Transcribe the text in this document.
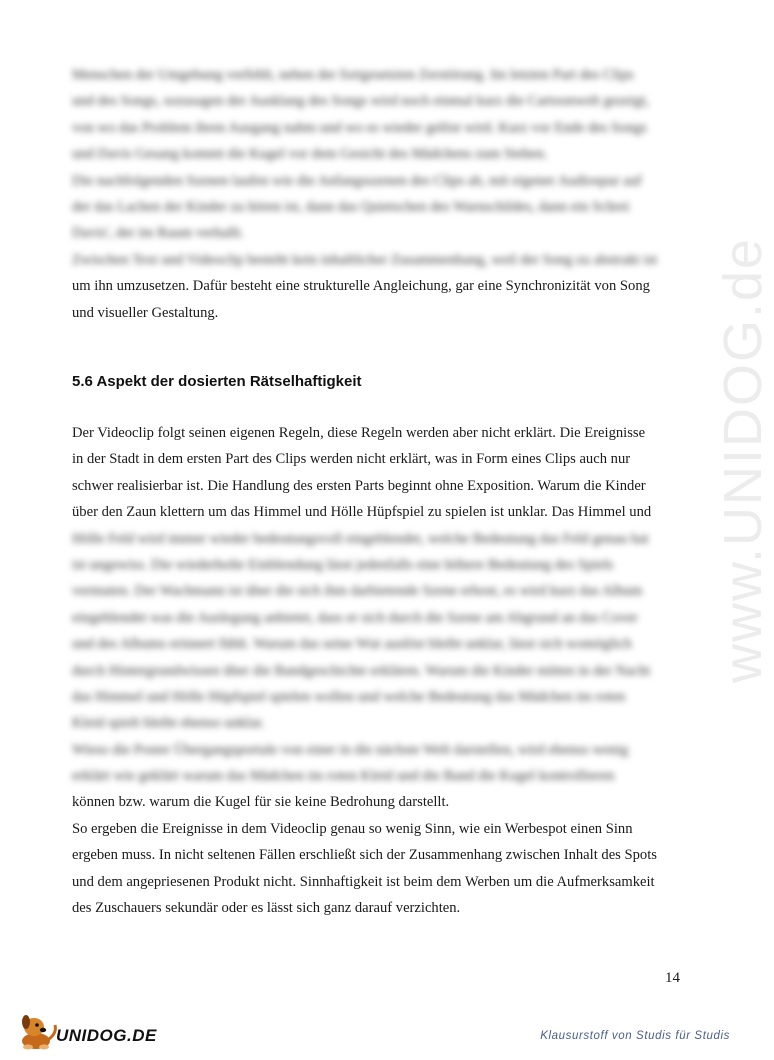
www.UNIDOG.de
Menschen der Umgebung verfehlt, neben der fortgesetzten Zerstörung. Im letzten Part des Clips
und des Songs, sozusagen der Ausklang des Songs wird noch einmal kurz die Cartoonwelt gezeigt,
von wo das Problem ihren Ausgang nahm und wo es wieder gelöst wird. Kurz vor Ende des Songs
und Davis Gesang kommt die Kugel vor dem Gesicht des Mädchens zum Stehen.
Die nachfolgenden Szenen laufen wie die Anfangsszenen des Clips ab, mit eigener Audiospur auf
der das Lachen der Kinder zu hören ist, dann das Quietschen des Warnschildes, dann ein Schrei
Davis', der im Raum verhallt.
Zwischen Text und Videoclip besteht kein inhaltlicher Zusammenhang, weil der Song zu abstrakt ist
um ihn umzusetzen. Dafür besteht eine strukturelle Angleichung, gar eine Synchronizität von Song
und visueller Gestaltung.
5.6 Aspekt der dosierten Rätselhaftigkeit
Der Videoclip folgt seinen eigenen Regeln, diese Regeln werden aber nicht erklärt. Die Ereignisse
in der Stadt in dem ersten Part des Clips werden nicht erklärt, was in Form eines Clips auch nur
schwer realisierbar ist. Die Handlung des ersten Parts beginnt ohne Exposition. Warum die Kinder
über den Zaun klettern um das Himmel und Hölle Hüpfspiel zu spielen ist unklar. Das Himmel und
Hölle Feld wird immer wieder bedeutungsvoll eingeblendet, welche Bedeutung das Feld genau hat
ist ungewiss. Die wiederholte Einblendung lässt jedenfalls eine höhere Bedeutung des Spiels
vermuten. Der Wachmann ist über die sich ihm darbietende Szene erbost, es wird kurz das Album
eingeblendet was die Auslegung anbietet, dass er sich durch die Szene am Abgrund an das Cover
und des Albums erinnert fühlt. Warum das seine Wut auslöst bleibt unklar, lässt sich womöglich
durch Hintergrundwissen über die Bandgeschichte erklären. Warum die Kinder mitten in der Nacht
das Himmel und Hölle Hüpfspiel spielen wollen und welche Bedeutung das Mädchen im roten
Kleid spielt bleibt ebenso unklar.
Wieso die Poster Übergangsportale von einer in die nächste Welt darstellen, wird ebenso wenig
erklärt wie geklärt warum das Mädchen im roten Kleid und die Band die Kugel kontrollieren
können bzw. warum die Kugel für sie keine Bedrohung darstellt.
So ergeben die Ereignisse in dem Videoclip genau so wenig Sinn, wie ein Werbespot einen Sinn
ergeben muss. In nicht seltenen Fällen erschließt sich der Zusammenhang zwischen Inhalt des Spots
und dem angepriesenen Produkt nicht. Sinnhaftigkeit ist beim dem Werben um die Aufmerksamkeit
des Zuschauers sekundär oder es lässt sich ganz darauf verzichten.
14
UNIDOG.DE	Klausurstoff von Studis für Studis
